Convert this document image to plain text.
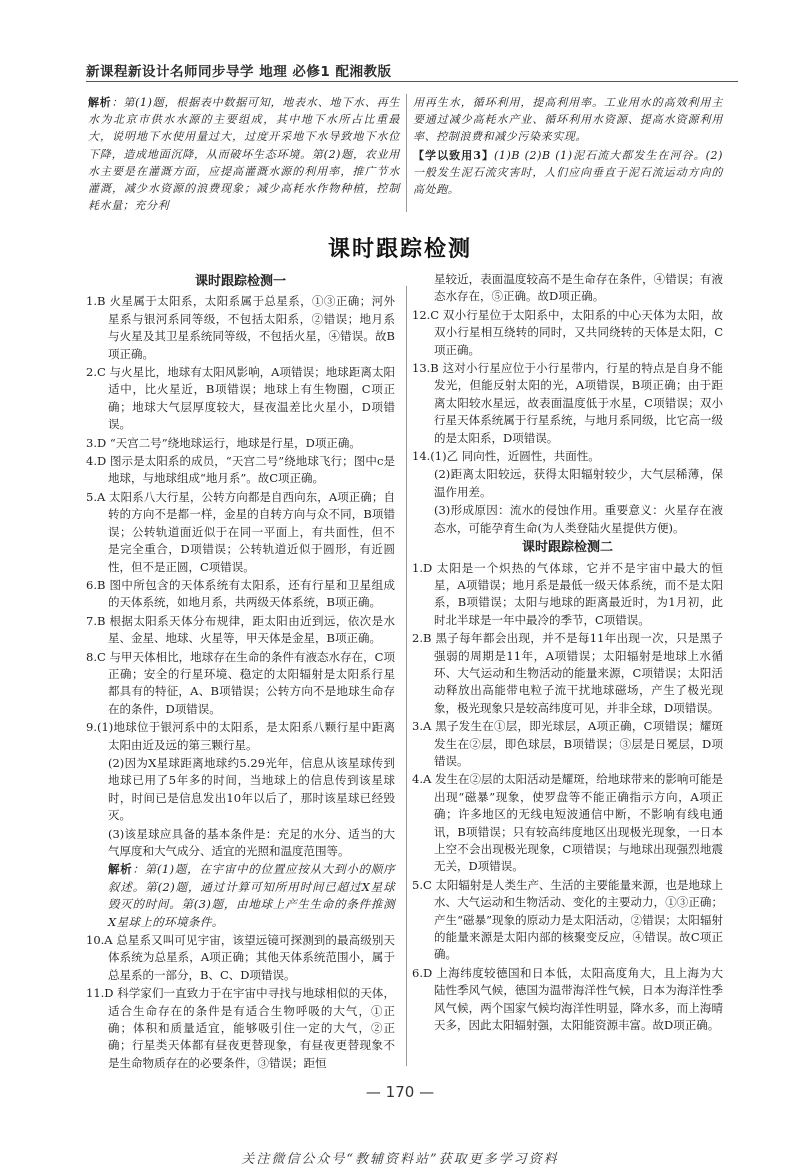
新课程新设计名师同步导学 地理 必修1 配湘教版

解析：第(1)题，根据表中数据可知，地表水、地下水、再生水为北京市供水水源的主要组成，其中地下水所占比重最大，说明地下水使用量过大，过度开采地下水导致地下水位下降，造成地面沉降，从而破坏生态环境。第(2)题，农业用水主要是在灌溉方面，应提高灌溉水源的利用率，推广节水灌溉，减少水资源的浪费现象；减少高耗水作物种植，控制耗水量；充分利

用再生水，循环利用，提高利用率。工业用水的高效利用主要通过减少高耗水产业、循环利用水资源、提高水资源利用率、控制浪费和减少污染来实现。

【学以致用3】(1)B (2)B (1)泥石流大都发生在河谷。(2)一般发生泥石流灾害时，人们应向垂直于泥石流运动方向的高处跑。

课时跟踪检测
课时跟踪检测一

1.B 火星属于太阳系，太阳系属于总星系，①③正确；河外星系与银河系同等级，不包括太阳系，②错误；地月系与火星及其卫星系统同等级，不包括火星，④错误。故B项正确。

2.C 与火星比，地球有太阳风影响，A项错误；地球距离太阳适中，比火星近，B项错误；地球上有生物圈，C项正确；地球大气层厚度较大，昼夜温差比火星小，D项错误。

3.D “天宫二号”绕地球运行，地球是行星，D项正确。

4.D 图示是太阳系的成员，“天宫二号”绕地球飞行；图中c是地球，与地球组成“地月系”。故C项正确。

5.A 太阳系八大行星，公转方向都是自西向东，A项正确；自转的方向不是都一样，金星的自转方向与众不同，B项错误；公转轨道面近似于在同一平面上，有共面性，但不是完全重合，D项错误；公转轨道近似于圆形，有近圆性，但不是正圆，C项错误。

6.B 图中所包含的天体系统有太阳系，还有行星和卫星组成的天体系统，如地月系，共两级天体系统，B项正确。

7.B 根据太阳系天体分布规律，距太阳由近到远，依次是水星、金星、地球、火星等，甲天体是金星，B项正确。

8.C 与甲天体相比，地球存在生命的条件有液态水存在，C项正确；安全的行星环境、稳定的太阳辐射是太阳系行星都具有的特征，A、B项错误；公转方向不是地球生命存在的条件，D项错误。

9.(1)地球位于银河系中的太阳系，是太阳系八颗行星中距离太阳由近及远的第三颗行星。

(2)因为X星球距离地球约5.29光年，信息从该星球传到地球已用了5年多的时间，当地球上的信息传到该星球时，时间已是信息发出10年以后了，那时该星球已经毁灭。

(3)该星球应具备的基本条件是：充足的水分、适当的大气厚度和大气成分、适宜的光照和温度范围等。

解析：第(1)题，在宇宙中的位置应按从大到小的顺序叙述。第(2)题，通过计算可知所用时间已超过X星球毁灭的时间。第(3)题，由地球上产生生命的条件推测X星球上的环境条件。

10.A 总星系又叫可见宇宙，该望远镜可探测到的最高级别天体系统为总星系，A项正确；其他天体系统范围小，属于总星系的一部分，B、C、D项错误。

11.D 科学家们一直致力于在宇宙中寻找与地球相似的天体，适合生命存在的条件是有适合生物呼吸的大气，①正确；体积和质量适宜，能够吸引住一定的大气，②正确；行星类天体都有昼夜更替现象，有昼夜更替现象不是生命物质存在的必要条件，③错误；距恒

星较近，表面温度较高不是生命存在条件，④错误；有液态水存在，⑤正确。故D项正确。

12.C 双小行星位于太阳系中，太阳系的中心天体为太阳，故双小行星相互绕转的同时，又共同绕转的天体是太阳，C项正确。

13.B 这对小行星应位于小行星带内，行星的特点是自身不能发光，但能反射太阳的光，A项错误，B项正确；由于距离太阳较水星远，故表面温度低于水星，C项错误；双小行星天体系统属于行星系统，与地月系同级，比它高一级的是太阳系，D项错误。

14.(1)乙 同向性，近圆性，共面性。

(2)距离太阳较远，获得太阳辐射较少，大气层稀薄，保温作用差。

(3)形成原因：流水的侵蚀作用。重要意义：火星存在液态水，可能孕育生命(为人类登陆火星提供方便)。

课时跟踪检测二

1.D 太阳是一个炽热的气体球，它并不是宇宙中最大的恒星，A项错误；地月系是最低一级天体系统，而不是太阳系，B项错误；太阳与地球的距离最近时，为1月初，此时北半球是一年中最冷的季节，C项错误。

2.B 黑子每年都会出现，并不是每11年出现一次，只是黑子强弱的周期是11年，A项错误；太阳辐射是地球上水循环、大气运动和生物活动的能量来源，C项错误；太阳活动释放出高能带电粒子流干扰地球磁场，产生了极光现象，极光现象只是较高纬度可见，并非全球，D项错误。

3.A 黑子发生在①层，即光球层，A项正确，C项错误；耀斑发生在②层，即色球层，B项错误；③层是日冕层，D项错误。

4.A 发生在②层的太阳活动是耀斑，给地球带来的影响可能是出现“磁暴”现象，使罗盘等不能正确指示方向，A项正确；许多地区的无线电短波通信中断，不影响有线电通讯，B项错误；只有较高纬度地区出现极光现象，一日本上空不会出现极光现象，C项错误；与地球出现强烈地震无关，D项错误。

5.C 太阳辐射是人类生产、生活的主要能量来源，也是地球上水、大气运动和生物活动、变化的主要动力，①③正确；产生“磁暴”现象的原动力是太阳活动，②错误；太阳辐射的能量来源是太阳内部的核聚变反应，④错误。故C项正确。

6.D 上海纬度较德国和日本低，太阳高度角大，且上海为大陆性季风气候，德国为温带海洋性气候，日本为海洋性季风气候，两个国家气候均海洋性明显，降水多，而上海晴天多，因此太阳辐射强，太阳能资源丰富。故D项正确。

— 170 —
关注微信公众号“教辅资料站”获取更多学习资料
